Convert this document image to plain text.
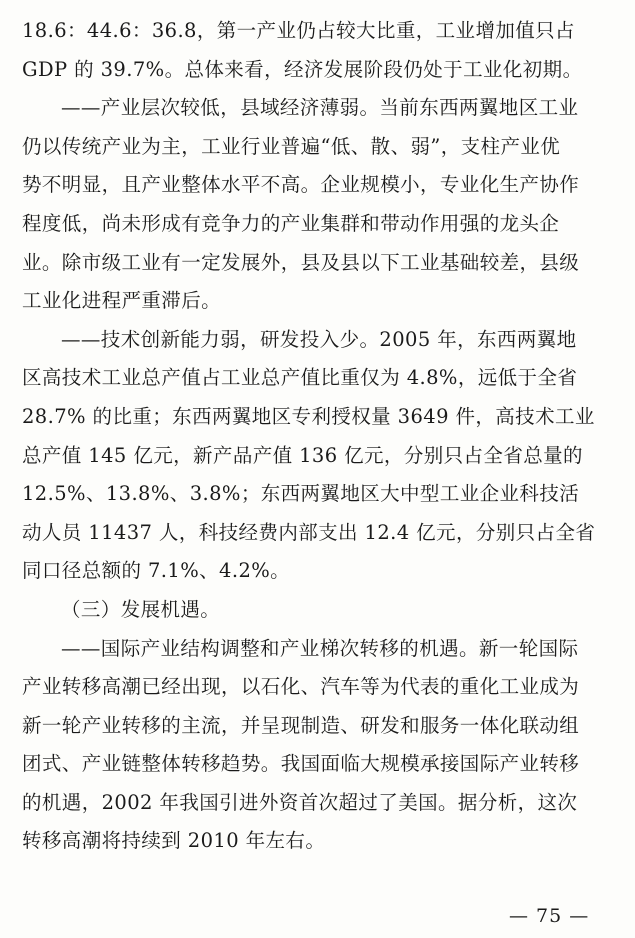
18.6：44.6：36.8，第一产业仍占较大比重，工业增加值只占
GDP 的 39.7%。总体来看，经济发展阶段仍处于工业化初期。
——产业层次较低，县域经济薄弱。当前东西两翼地区工业
仍以传统产业为主，工业行业普遍“低、散、弱”，支柱产业优
势不明显，且产业整体水平不高。企业规模小，专业化生产协作
程度低，尚未形成有竞争力的产业集群和带动作用强的龙头企
业。除市级工业有一定发展外，县及县以下工业基础较差，县级
工业化进程严重滞后。
——技术创新能力弱，研发投入少。2005 年，东西两翼地
区高技术工业总产值占工业总产值比重仅为 4.8%，远低于全省
28.7% 的比重；东西两翼地区专利授权量 3649 件，高技术工业
总产值 145 亿元，新产品产值 136 亿元，分别只占全省总量的
12.5%、13.8%、3.8%；东西两翼地区大中型工业企业科技活
动人员 11437 人，科技经费内部支出 12.4 亿元，分别只占全省
同口径总额的 7.1%、4.2%。
（三）发展机遇。
——国际产业结构调整和产业梯次转移的机遇。新一轮国际
产业转移高潮已经出现，以石化、汽车等为代表的重化工业成为
新一轮产业转移的主流，并呈现制造、研发和服务一体化联动组
团式、产业链整体转移趋势。我国面临大规模承接国际产业转移
的机遇，2002 年我国引进外资首次超过了美国。据分析，这次
转移高潮将持续到 2010 年左右。
— 75 —
